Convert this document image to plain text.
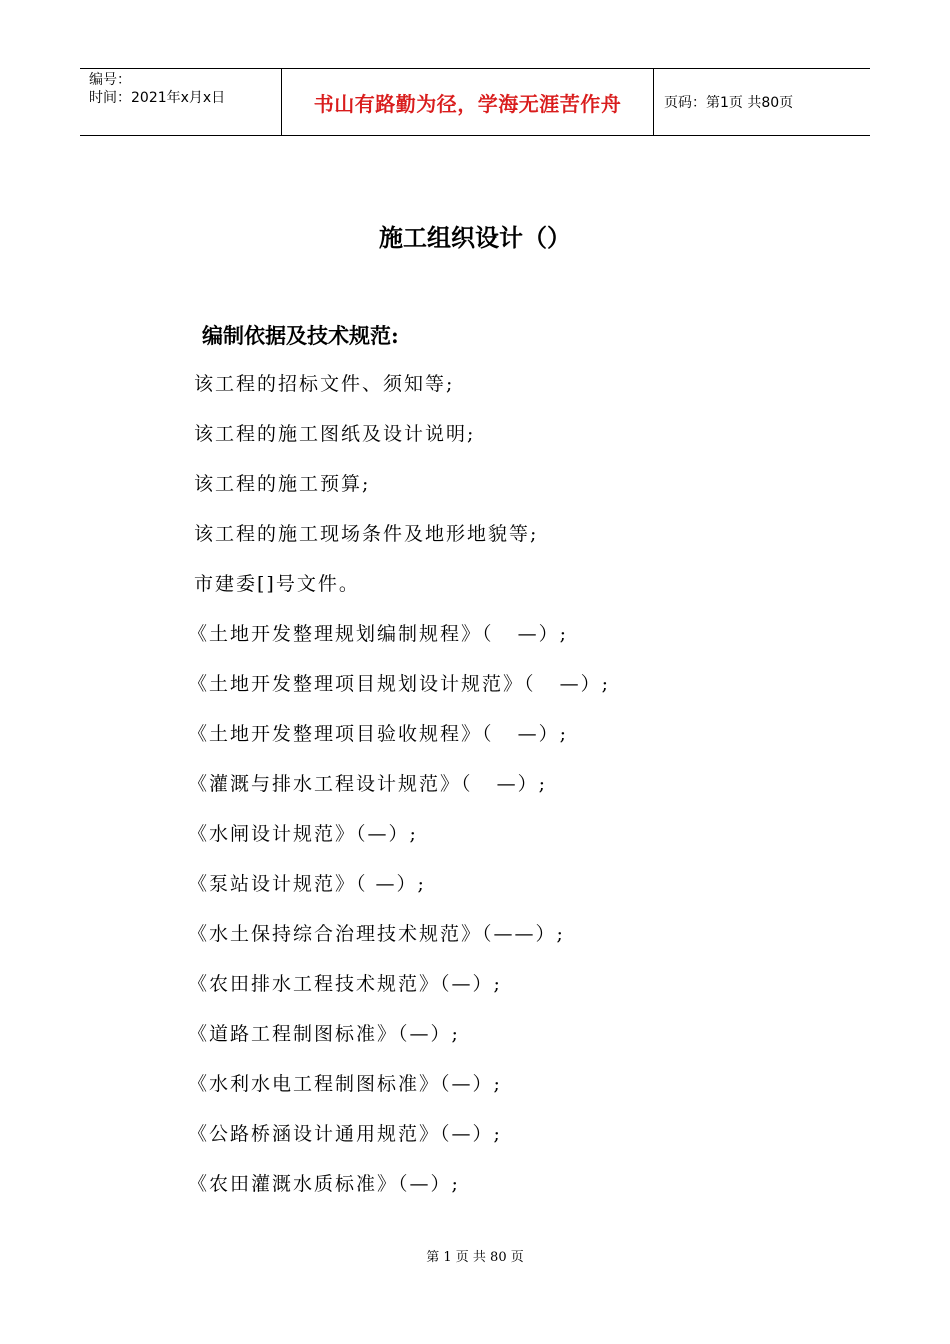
编号：
时间：2021年x月x日	书山有路勤为径，学海无涯苦作舟	页码：第1页 共80页
施工组织设计（）
编制依据及技术规范:
该工程的招标文件、须知等;
该工程的施工图纸及设计说明;
该工程的施工预算;
该工程的施工现场条件及地形地貌等;
市建委[]号文件。
《土地开发整理规划编制规程》（   —）;
《土地开发整理项目规划设计规范》（   —）;
《土地开发整理项目验收规程》（   —）;
《灌溉与排水工程设计规范》（   —）;
《水闸设计规范》（—）;
《泵站设计规范》（ —）;
《水土保持综合治理技术规范》（——）;
《农田排水工程技术规范》（—）;
《道路工程制图标准》（—）;
《水利水电工程制图标准》（—）;
《公路桥涵设计通用规范》（—）;
《农田灌溉水质标准》（—）;
第 1 页 共 80 页
